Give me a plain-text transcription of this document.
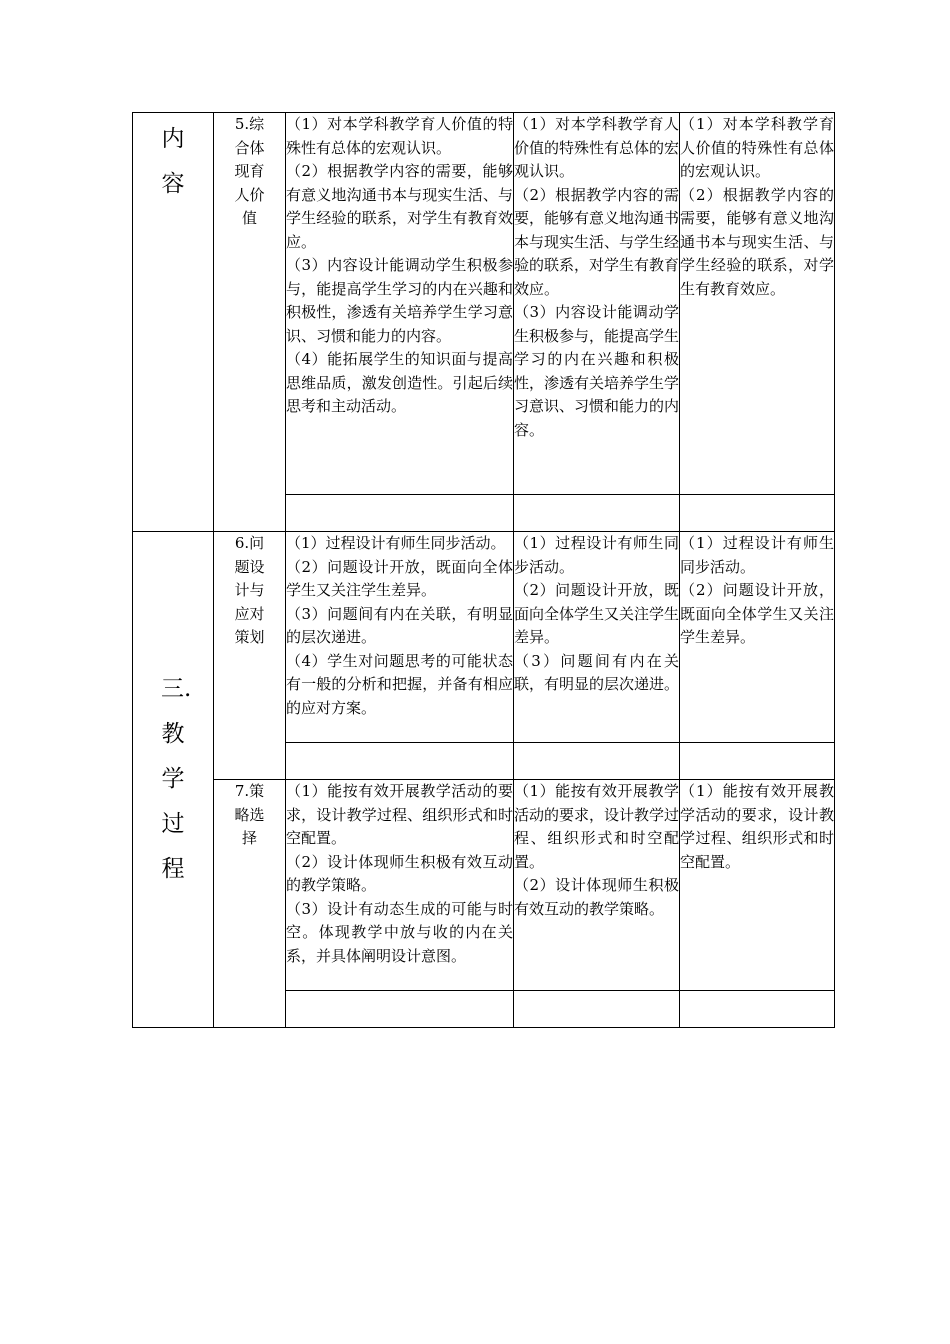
内容	5.综合体现育人价值	（1）对本学科教学育人价值的特殊性有总体的宏观认识。
（2）根据教学内容的需要，能够有意义地沟通书本与现实生活、与学生经验的联系，对学生有教育效应。
（3）内容设计能调动学生积极参与，能提高学生学习的内在兴趣和积极性，渗透有关培养学生学习意识、习惯和能力的内容。
（4）能拓展学生的知识面与提高思维品质，激发创造性。引起后续思考和主动活动。	（1）对本学科教学育人价值的特殊性有总体的宏观认识。
（2）根据教学内容的需要，能够有意义地沟通书本与现实生活、与学生经验的联系，对学生有教育效应。
（3）内容设计能调动学生积极参与，能提高学生学习的内在兴趣和积极性，渗透有关培养学生学习意识、习惯和能力的内容。	（1）对本学科教学育人价值的特殊性有总体的宏观认识。
（2）根据教学内容的需要，能够有意义地沟通书本与现实生活、与学生经验的联系，对学生有教育效应。

三.教学过程	6.问题设计与应对策划	（1）过程设计有师生同步活动。
（2）问题设计开放，既面向全体学生又关注学生差异。
（3）问题间有内在关联，有明显的层次递进。
（4）学生对问题思考的可能状态有一般的分析和把握，并备有相应的应对方案。	（1）过程设计有师生同步活动。
（2）问题设计开放，既面向全体学生又关注学生差异。
（3）问题间有内在关联，有明显的层次递进。	（1）过程设计有师生同步活动。
（2）问题设计开放，既面向全体学生又关注学生差异。

	7.策略选择	（1）能按有效开展教学活动的要求，设计教学过程、组织形式和时空配置。
（2）设计体现师生积极有效互动的教学策略。
（3）设计有动态生成的可能与时空。体现教学中放与收的内在关系，并具体阐明设计意图。	（1）能按有效开展教学活动的要求，设计教学过程、组织形式和时空配置。
（2）设计体现师生积极有效互动的教学策略。	（1）能按有效开展教学活动的要求，设计教学过程、组织形式和时空配置。
